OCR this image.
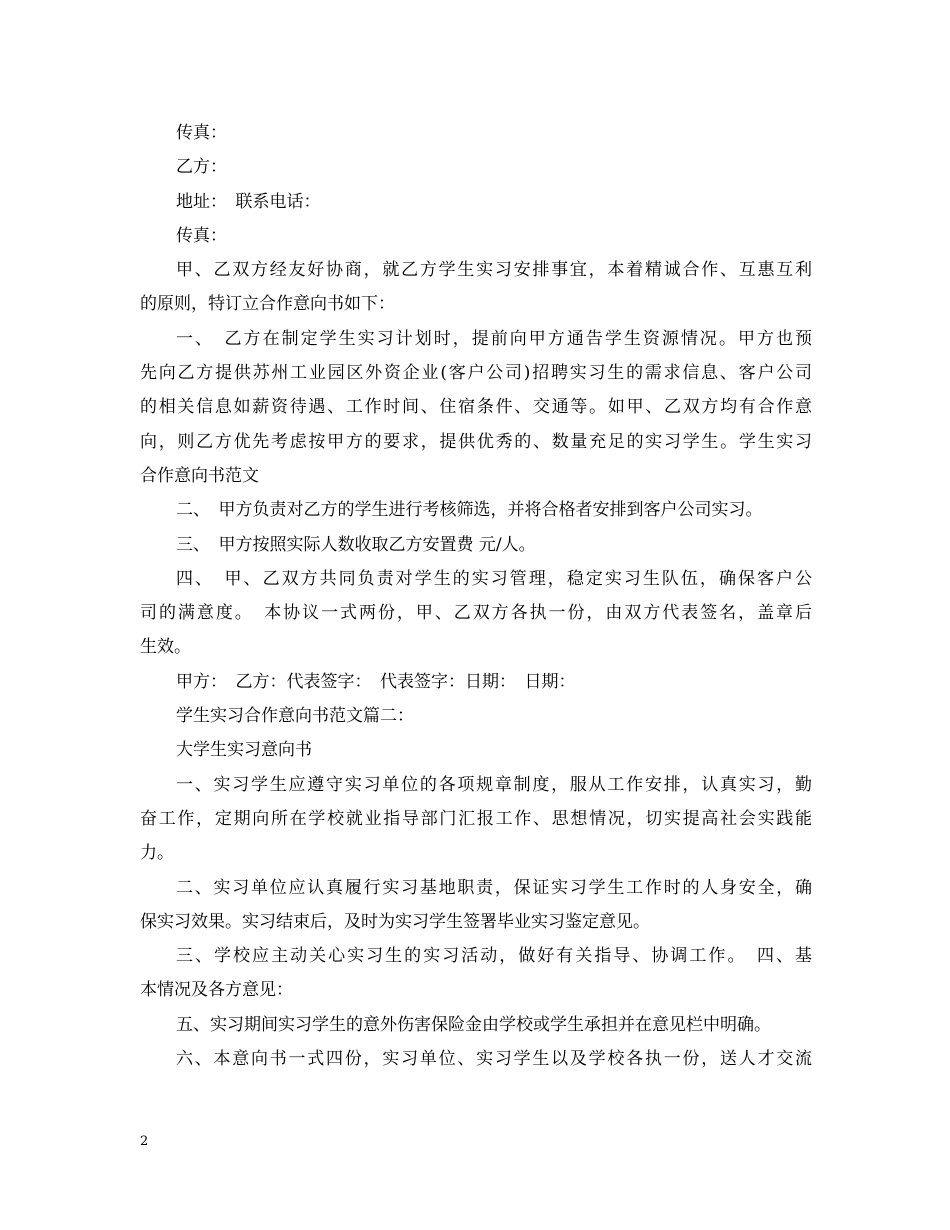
传真：
乙方：
地址：　联系电话：
传真：
甲、乙双方经友好协商，就乙方学生实习安排事宜，本着精诚合作、互惠互利
的原则，特订立合作意向书如下：
一、　乙方在制定学生实习计划时，提前向甲方通告学生资源情况。甲方也预
先向乙方提供苏州工业园区外资企业(客户公司)招聘实习生的需求信息、客户公司
的相关信息如薪资待遇、工作时间、住宿条件、交通等。如甲、乙双方均有合作意
向，则乙方优先考虑按甲方的要求，提供优秀的、数量充足的实习学生。学生实习
合作意向书范文
二、　甲方负责对乙方的学生进行考核筛选，并将合格者安排到客户公司实习。
三、　甲方按照实际人数收取乙方安置费 元/人。
四、　甲、乙双方共同负责对学生的实习管理，稳定实习生队伍，确保客户公
司的满意度。　本协议一式两份，甲、乙双方各执一份，由双方代表签名，盖章后
生效。
甲方：　乙方：代表签字：　代表签字：日期：　日期：
学生实习合作意向书范文篇二：
大学生实习意向书
一、实习学生应遵守实习单位的各项规章制度，服从工作安排，认真实习，勤
奋工作，定期向所在学校就业指导部门汇报工作、思想情况，切实提高社会实践能
力。
二、实习单位应认真履行实习基地职责，保证实习学生工作时的人身安全，确
保实习效果。实习结束后，及时为实习学生签署毕业实习鉴定意见。
三、学校应主动关心实习生的实习活动，做好有关指导、协调工作。　四、基
本情况及各方意见：
五、实习期间实习学生的意外伤害保险金由学校或学生承担并在意见栏中明确。
六、本意向书一式四份，实习单位、实习学生以及学校各执一份，送人才交流
2
